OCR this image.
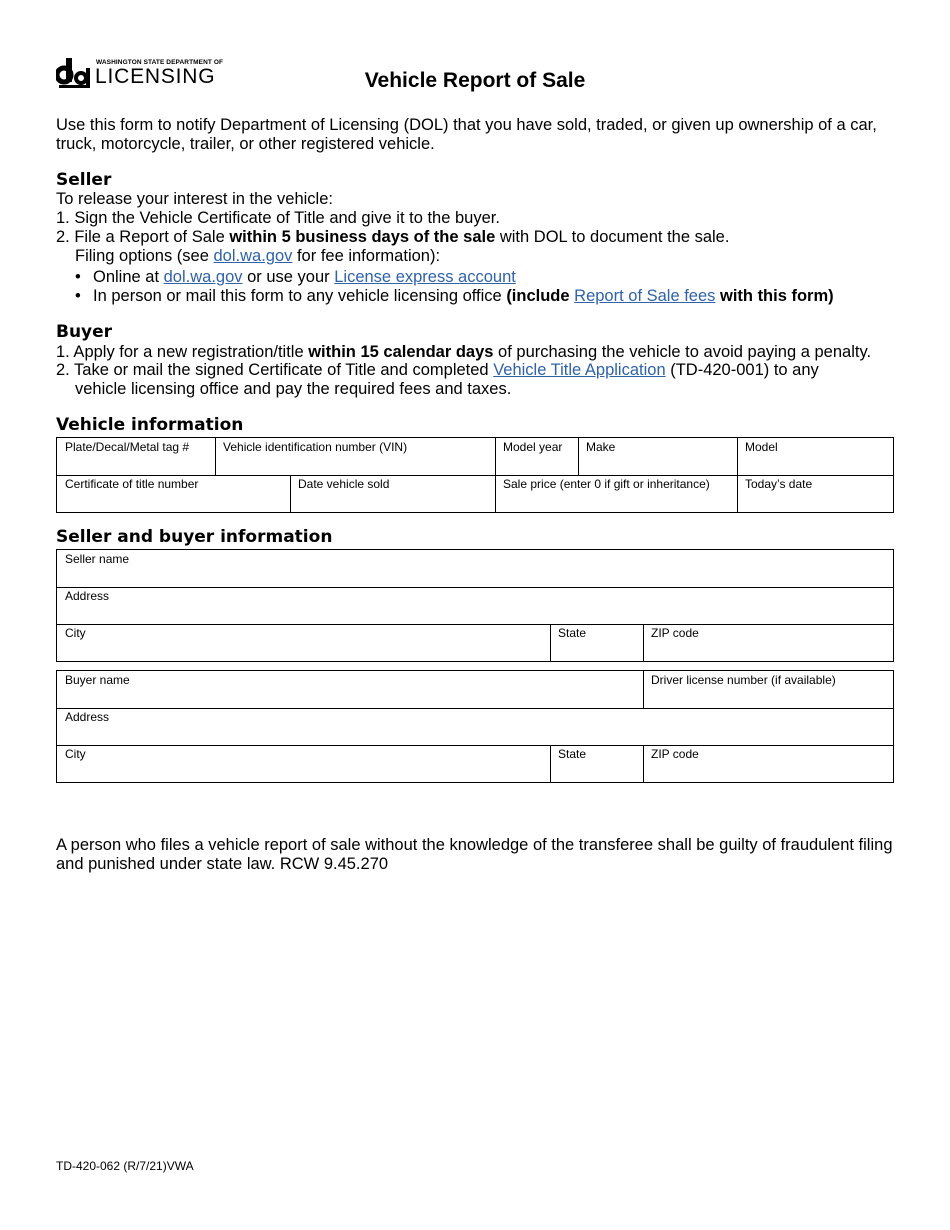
WASHINGTON STATE DEPARTMENT OF
LICENSING	Vehicle Report of Sale
Use this form to notify Department of Licensing (DOL) that you have sold, traded, or given up ownership of a car, truck, motorcycle, trailer, or other registered vehicle.
Seller
To release your interest in the vehicle:
1. Sign the Vehicle Certificate of Title and give it to the buyer.
2. File a Report of Sale within 5 business days of the sale with DOL to document the sale.
Filing options (see dol.wa.gov for fee information):
• Online at dol.wa.gov or use your License express account
• In person or mail this form to any vehicle licensing office (include Report of Sale fees with this form)
Buyer
1. Apply for a new registration/title within 15 calendar days of purchasing the vehicle to avoid paying a penalty.
2. Take or mail the signed Certificate of Title and completed Vehicle Title Application (TD-420-001) to any
vehicle licensing office and pay the required fees and taxes.
Vehicle information
Plate/Decal/Metal tag #	Vehicle identification number (VIN)	Model year	Make	Model
Certificate of title number	Date vehicle sold	Sale price (enter 0 if gift or inheritance)	Today’s date
Seller and buyer information
Seller name
Address
City	State	ZIP code
Buyer name	Driver license number (if available)
Address
City	State	ZIP code
A person who files a vehicle report of sale without the knowledge of the transferee shall be guilty of fraudulent filing and punished under state law. RCW 9.45.270
TD-420-062 (R/7/21)VWA
